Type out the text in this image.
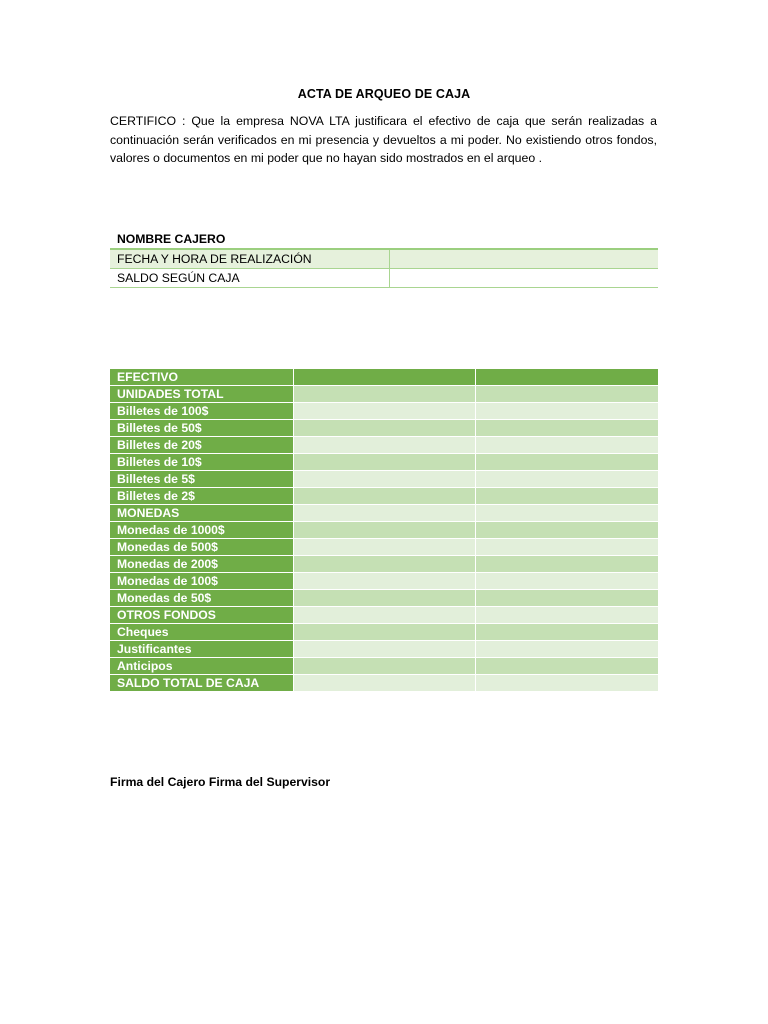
ACTA DE ARQUEO DE CAJA
CERTIFICO : Que la empresa NOVA LTA justificara el efectivo de caja que serán realizadas a continuación serán verificados en mi presencia y devueltos a mi poder. No existiendo otros fondos, valores o documentos en mi poder que no hayan sido mostrados en el arqueo .
NOMBRE CAJERO	
FECHA Y HORA DE REALIZACIÓN	
SALDO SEGÚN CAJA	
EFECTIVO		
UNIDADES TOTAL		
Billetes de 100$		
Billetes de 50$		
Billetes de 20$		
Billetes de 10$		
Billetes de 5$		
Billetes de 2$		
MONEDAS		
Monedas de 1000$		
Monedas de 500$		
Monedas de 200$		
Monedas de 100$		
Monedas de 50$		
OTROS FONDOS		
Cheques		
Justificantes		
Anticipos		
SALDO TOTAL DE CAJA		
Firma del Cajero Firma del Supervisor
